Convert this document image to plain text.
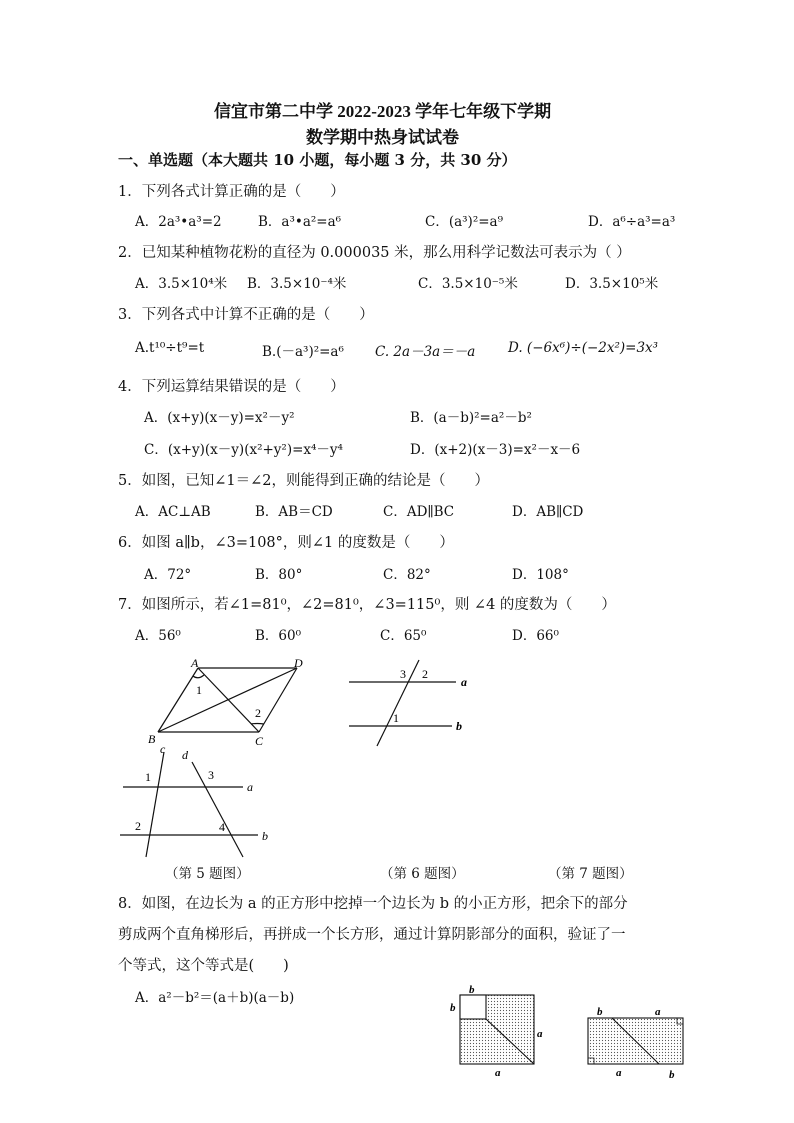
信宜市第二中学 2022-2023 学年七年级下学期
数学期中热身试试卷
一、单选题（本大题共 10 小题，每小题 3 分，共 30 分）
1．下列各式计算正确的是（　　）
A．2a³•a³=2	B．a³•a²=a⁶	C．(a³)²=a⁹	D．a⁶÷a³=a³
2．已知某种植物花粉的直径为 0.000035 米，那么用科学记数法可表示为（ ）
A．3.5×10⁴米 B．3.5×10⁻⁴米	C．3.5×10⁻⁵米	D．3.5×10⁵米
3．下列各式中计算不正确的是（　　）
A.t¹⁰÷t⁹=t	B.(－a³)²=a⁶ C. 2a－3a＝－a D. (−6x⁶)÷(−2x²)=3x³
4．下列运算结果错误的是（　　）
A．(x+y)(x－y)=x²－y²	B．(a－b)²=a²－b²
C．(x+y)(x－y)(x²+y²)=x⁴－y⁴	D．(x+2)(x－3)=x²－x－6
5．如图，已知∠1＝∠2，则能得到正确的结论是（　　）
A．AC⊥AB	B．AB＝CD	C．AD∥BC	D．AB∥CD
6．如图 a∥b，∠3=108°，则∠1 的度数是（　　）
A．72°	B．80°	C．82°	D．108°
7．如图所示，若∠1=81⁰，∠2=81⁰，∠3=115⁰，则 ∠4 的度数为（　　）
A．56⁰	B．60⁰	C．65⁰	D．66⁰
A	D
B	C
1
2
3 2
a
1
b
c d
1	3
a
2	4
b
（第 5 题图）	（第 6 题图）	（第 7 题图）
8．如图，在边长为 a 的正方形中挖掉一个边长为 b 的小正方形，把余下的部分
剪成两个直角梯形后，再拼成一个长方形，通过计算阴影部分的面积，验证了一
个等式，这个等式是(　　)
A．a²－b²＝(a＋b)(a－b)	b
b
a
a
b	a
a	b
